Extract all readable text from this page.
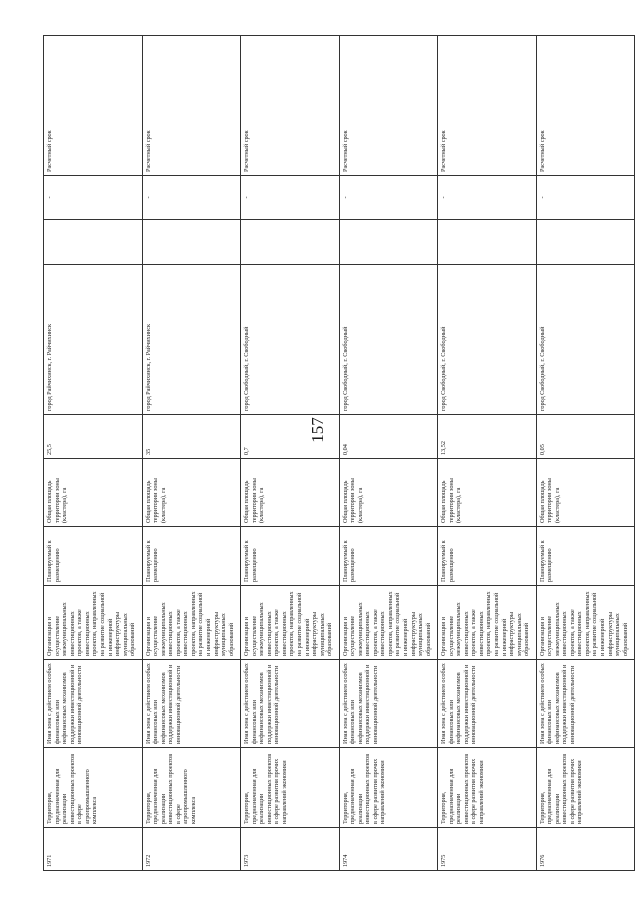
157
1971	Территория, предназначенная для реализации инвестиционных проектов в сфере агропромышленного комплекса	Иная зона с действием особых финансовых или нефинансовых механизмов поддержки инвестиционной и инновационной деятельности	Организация и осуществление межмуниципальных инвестиционных проектов, а также инвестиционных проектов, направленных на развитие социальной и инженерной инфраструктуры муниципальных образований	Планируемый к размещению	Общая площадь территории зоны (кластера), га	25,5	город Райчихинск, г. Райчихинск		-	Расчетный срок
1972	Территория, предназначенная для реализации инвестиционных проектов в сфере агропромышленного комплекса	Иная зона с действием особых финансовых или нефинансовых механизмов поддержки инвестиционной и инновационной деятельности	Организация и осуществление межмуниципальных инвестиционных проектов, а также инвестиционных проектов, направленных на развитие социальной и инженерной инфраструктуры муниципальных образований	Планируемый к размещению	Общая площадь территории зоны (кластера), га	35	город Райчихинск, г. Райчихинск		-	Расчетный срок
1973	Территория, предназначенная для реализации инвестиционных проектов в сфере развития прочих направлений экономики	Иная зона с действием особых финансовых или нефинансовых механизмов поддержки инвестиционной и инновационной деятельности	Организация и осуществление межмуниципальных инвестиционных проектов, а также инвестиционных проектов, направленных на развитие социальной и инженерной инфраструктуры муниципальных образований	Планируемый к размещению	Общая площадь территории зоны (кластера), га	0,7	город Свободный, г. Свободный		-	Расчетный срок
1974	Территория, предназначенная для реализации инвестиционных проектов в сфере развития прочих направлений экономики	Иная зона с действием особых финансовых или нефинансовых механизмов поддержки инвестиционной и инновационной деятельности	Организация и осуществление межмуниципальных инвестиционных проектов, а также инвестиционных проектов, направленных на развитие социальной и инженерной инфраструктуры муниципальных образований	Планируемый к размещению	Общая площадь территории зоны (кластера), га	0,04	город Свободный, г. Свободный		-	Расчетный срок
1975	Территория, предназначенная для реализации инвестиционных проектов в сфере развития прочих направлений экономики	Иная зона с действием особых финансовых или нефинансовых механизмов поддержки инвестиционной и инновационной деятельности	Организация и осуществление межмуниципальных инвестиционных проектов, а также инвестиционных проектов, направленных на развитие социальной и инженерной инфраструктуры муниципальных образований	Планируемый к размещению	Общая площадь территории зоны (кластера), га	13,52	город Свободный, г. Свободный		-	Расчетный срок
1976	Территория, предназначенная для реализации инвестиционных проектов в сфере развития прочих направлений экономики	Иная зона с действием особых финансовых или нефинансовых механизмов поддержки инвестиционной и инновационной деятельности	Организация и осуществление межмуниципальных инвестиционных проектов, а также инвестиционных проектов, направленных на развитие социальной и инженерной инфраструктуры муниципальных образований	Планируемый к размещению	Общая площадь территории зоны (кластера), га	0,05	город Свободный, г. Свободный		-	Расчетный срок
